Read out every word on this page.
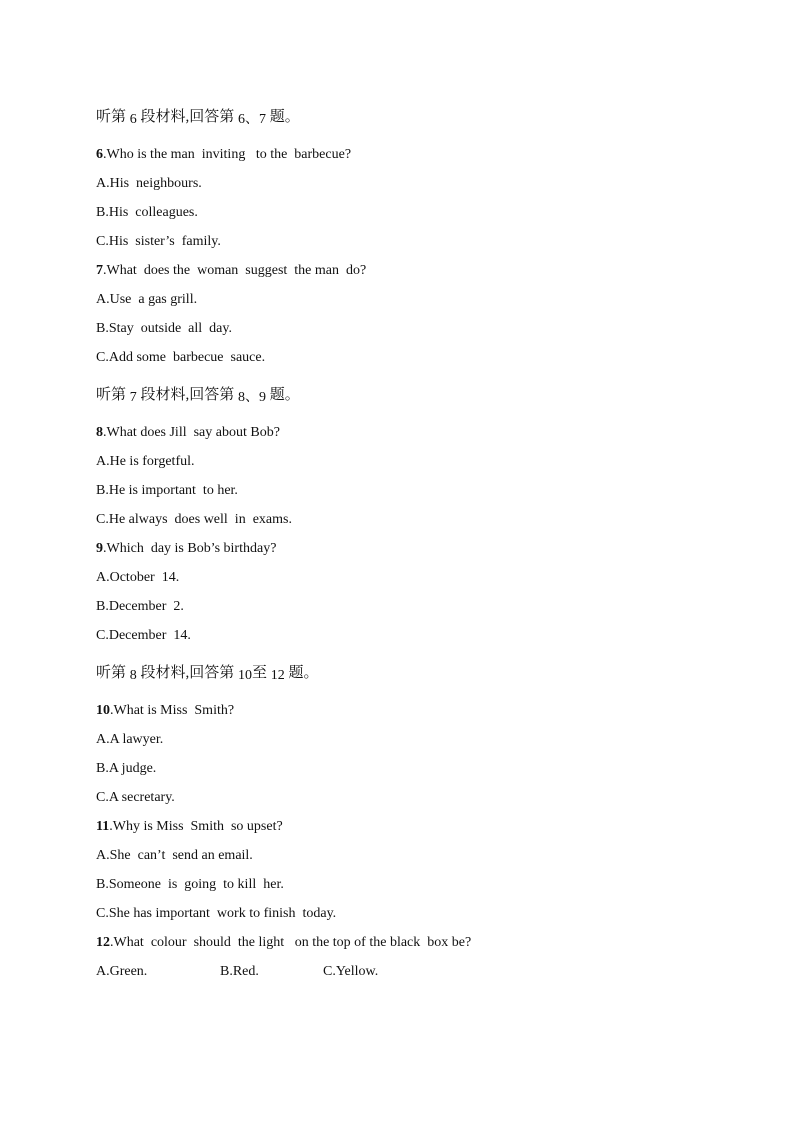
听第 6 段材料,回答第 6、7 题。
6.Who is the man  inviting   to the  barbecue?
A.His  neighbours.
B.His  colleagues.
C.His  sister’s  family.
7.What  does the  woman  suggest  the man  do?
A.Use  a gas grill.
B.Stay  outside  all  day.
C.Add some  barbecue  sauce.
听第 7 段材料,回答第 8、9 题。
8.What does Jill  say about Bob?
A.He is forgetful.
B.He is important  to her.
C.He always  does well  in  exams.
9.Which  day is Bob’s birthday?
A.October  14.
B.December  2.
C.December  14.
听第 8 段材料,回答第 10至 12 题。
10.What is Miss  Smith?
A.A lawyer.
B.A judge.
C.A secretary.
11.Why is Miss  Smith  so upset?
A.She  can’t  send an email.
B.Someone  is  going  to kill  her.
C.She has important  work to finish  today.
12.What  colour  should  the light   on the top of the black  box be?
A.Green.	B.Red.	C.Yellow.
